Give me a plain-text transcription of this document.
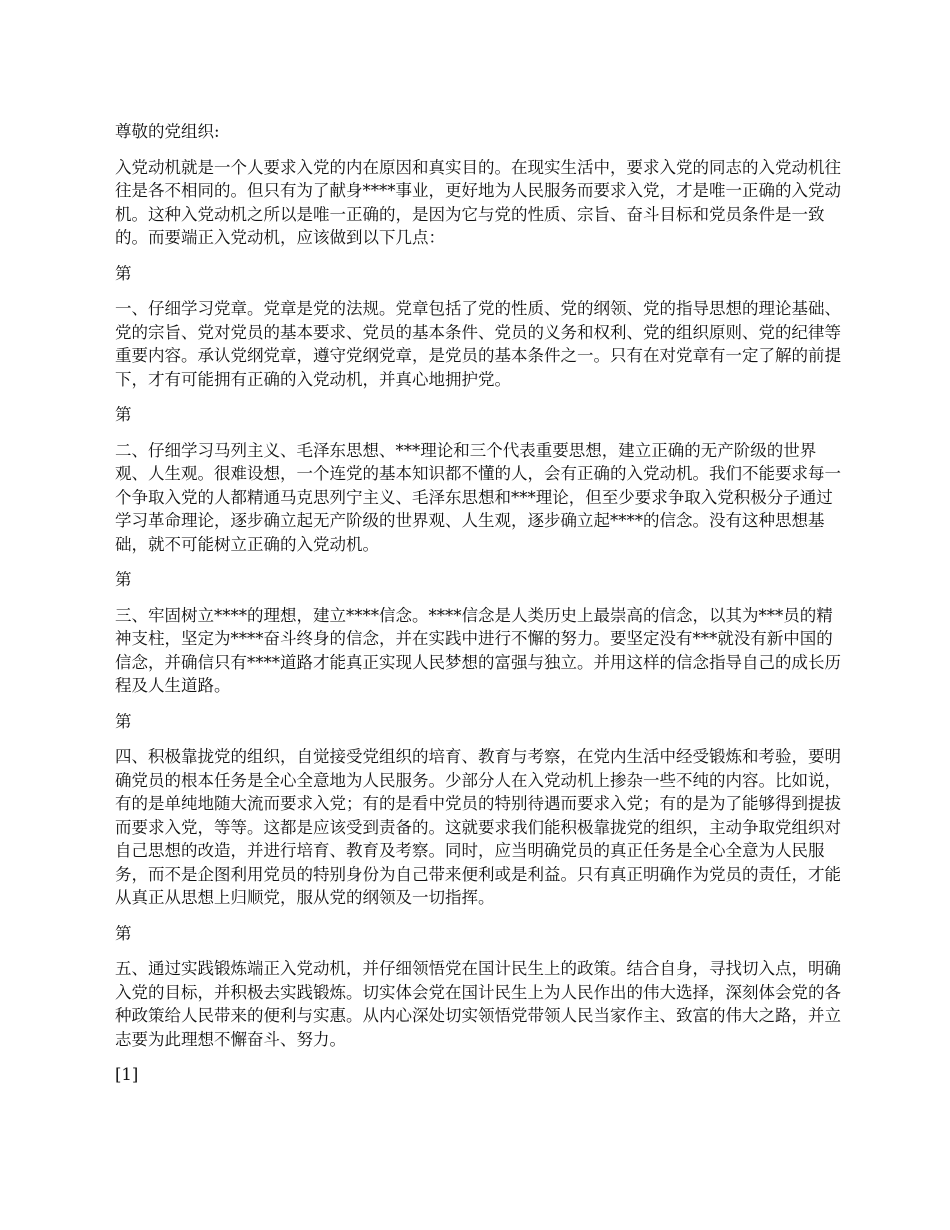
尊敬的党组织:

入党动机就是一个人要求入党的内在原因和真实目的。在现实生活中，要求入党的同志的入党动机往往是各不相同的。但只有为了献身****事业，更好地为人民服务而要求入党，才是唯一正确的入党动机。这种入党动机之所以是唯一正确的，是因为它与党的性质、宗旨、奋斗目标和党员条件是一致的。而要端正入党动机，应该做到以下几点：

第

一、仔细学习党章。党章是党的法规。党章包括了党的性质、党的纲领、党的指导思想的理论基础、党的宗旨、党对党员的基本要求、党员的基本条件、党员的义务和权利、党的组织原则、党的纪律等重要内容。承认党纲党章，遵守党纲党章，是党员的基本条件之一。只有在对党章有一定了解的前提下，才有可能拥有正确的入党动机，并真心地拥护党。

第

二、仔细学习马列主义、毛泽东思想、***理论和三个代表重要思想，建立正确的无产阶级的世界观、人生观。很难设想，一个连党的基本知识都不懂的人，会有正确的入党动机。我们不能要求每一个争取入党的人都精通马克思列宁主义、毛泽东思想和***理论，但至少要求争取入党积极分子通过学习革命理论，逐步确立起无产阶级的世界观、人生观，逐步确立起****的信念。没有这种思想基础，就不可能树立正确的入党动机。

第

三、牢固树立****的理想，建立****信念。****信念是人类历史上最崇高的信念，以其为***员的精神支柱，坚定为****奋斗终身的信念，并在实践中进行不懈的努力。要坚定没有***就没有新中国的信念，并确信只有****道路才能真正实现人民梦想的富强与独立。并用这样的信念指导自己的成长历程及人生道路。

第

四、积极靠拢党的组织，自觉接受党组织的培育、教育与考察，在党内生活中经受锻炼和考验，要明确党员的根本任务是全心全意地为人民服务。少部分人在入党动机上掺杂一些不纯的内容。比如说，有的是单纯地随大流而要求入党；有的是看中党员的特别待遇而要求入党；有的是为了能够得到提拔而要求入党，等等。这都是应该受到责备的。这就要求我们能积极靠拢党的组织，主动争取党组织对自己思想的改造，并进行培育、教育及考察。同时，应当明确党员的真正任务是全心全意为人民服务，而不是企图利用党员的特别身份为自己带来便利或是利益。只有真正明确作为党员的责任，才能从真正从思想上归顺党，服从党的纲领及一切指挥。

第

五、通过实践锻炼端正入党动机，并仔细领悟党在国计民生上的政策。结合自身，寻找切入点，明确入党的目标，并积极去实践锻炼。切实体会党在国计民生上为人民作出的伟大选择，深刻体会党的各种政策给人民带来的便利与实惠。从内心深处切实领悟党带领人民当家作主、致富的伟大之路，并立志要为此理想不懈奋斗、努力。

[1]
